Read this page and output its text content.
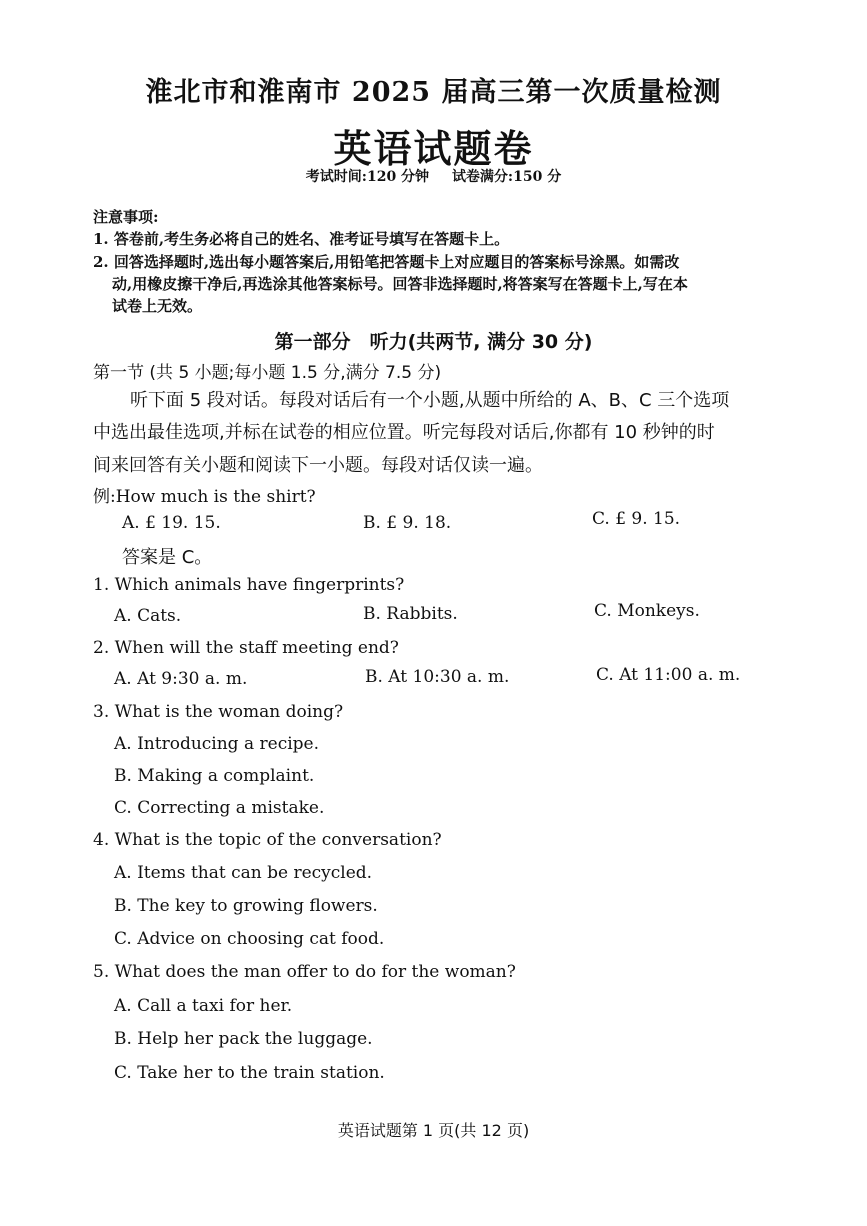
淮北市和淮南市 2025 届高三第一次质量检测
英语试题卷
考试时间:120 分钟 试卷满分:150 分
注意事项:
1. 答卷前,考生务必将自己的姓名、准考证号填写在答题卡上。
2. 回答选择题时,选出每小题答案后,用铅笔把答题卡上对应题目的答案标号涂黑。如需改
动,用橡皮擦干净后,再选涂其他答案标号。回答非选择题时,将答案写在答题卡上,写在本
试卷上无效。
第一部分　听力(共两节, 满分 30 分)
第一节 (共 5 小题;每小题 1.5 分,满分 7.5 分)
听下面 5 段对话。每段对话后有一个小题,从题中所给的 A、B、C 三个选项
中选出最佳选项,并标在试卷的相应位置。听完每段对话后,你都有 10 秒钟的时
间来回答有关小题和阅读下一小题。每段对话仅读一遍。
例:How much is the shirt?
A. £ 19. 15.	B. £ 9. 18.	C. £ 9. 15.
答案是 C。
1. Which animals have fingerprints?
A. Cats.	B. Rabbits.	C. Monkeys.
2. When will the staff meeting end?
A. At 9:30 a. m.	B. At 10:30 a. m.	C. At 11:00 a. m.
3. What is the woman doing?
A. Introducing a recipe.
B. Making a complaint.
C. Correcting a mistake.
4. What is the topic of the conversation?
A. Items that can be recycled.
B. The key to growing flowers.
C. Advice on choosing cat food.
5. What does the man offer to do for the woman?
A. Call a taxi for her.
B. Help her pack the luggage.
C. Take her to the train station.
英语试题第 1 页(共 12 页)
